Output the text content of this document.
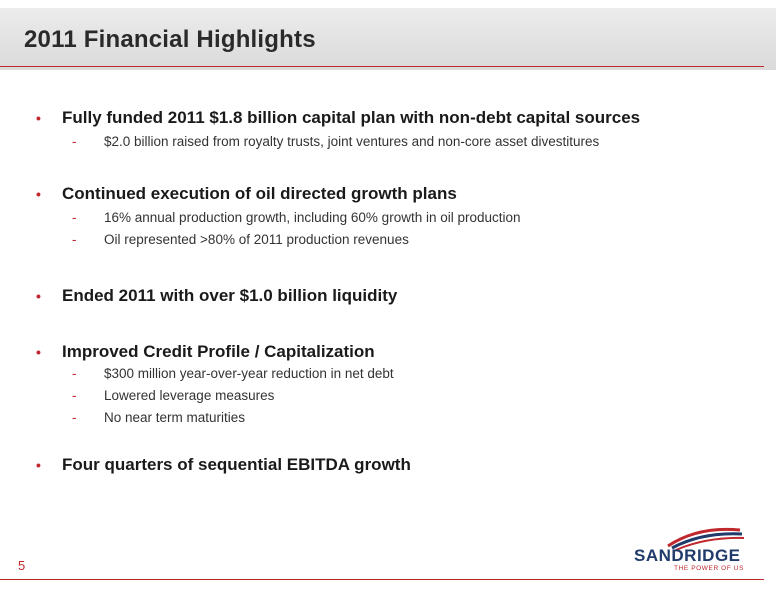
2011 Financial Highlights
• Fully funded 2011 $1.8 billion capital plan with non-debt capital sources
- $2.0 billion raised from royalty trusts, joint ventures and non-core asset divestitures
• Continued execution of oil directed growth plans
- 16% annual production growth, including 60% growth in oil production
- Oil represented >80% of 2011 production revenues
• Ended 2011 with over $1.0 billion liquidity
• Improved Credit Profile / Capitalization
- $300 million year-over-year reduction in net debt
- Lowered leverage measures
- No near term maturities
• Four quarters of sequential EBITDA growth
5
SANDRIDGE
THE POWER OF US
